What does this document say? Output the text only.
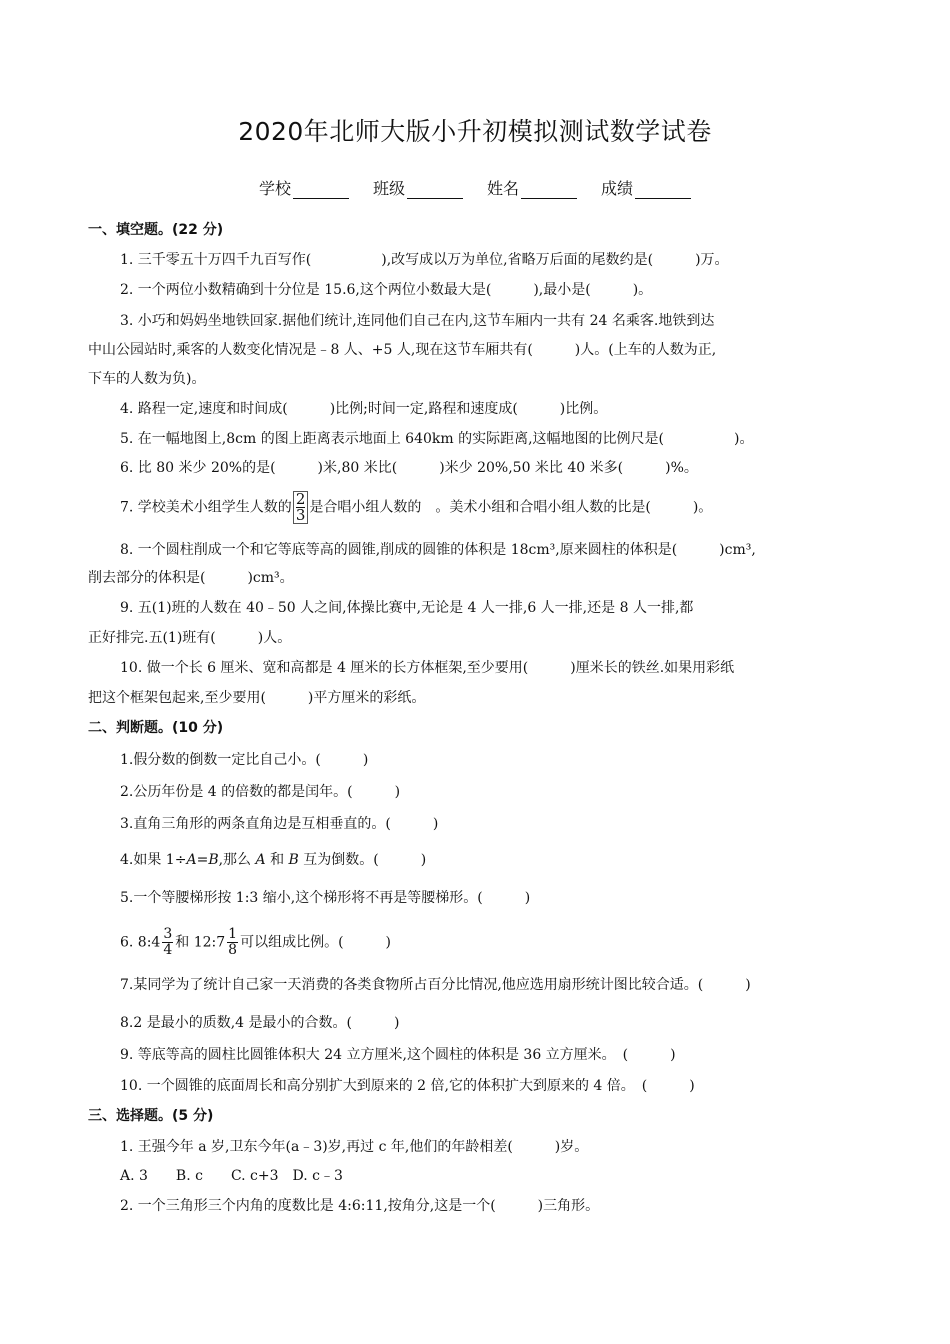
2020年北师大版小升初模拟测试数学试卷
学校	班级	姓名	成绩
一、填空题。(22 分)
1. 三千零五十万四千九百写作(　　　　　),改写成以万为单位,省略万后面的尾数约是(　　　)万。
2. 一个两位小数精确到十分位是 15.6,这个两位小数最大是(　　　),最小是(　　　)。
3. 小巧和妈妈坐地铁回家.据他们统计,连同他们自己在内,这节车厢内一共有 24 名乘客.地铁到达
中山公园站时,乘客的人数变化情况是﹣8 人、+5 人,现在这节车厢共有(　　　)人。(上车的人数为正,
下车的人数为负)。
4. 路程一定,速度和时间成(　　　)比例;时间一定,路程和速度成(　　　)比例。
5. 在一幅地图上,8cm 的图上距离表示地面上 640km 的实际距离,这幅地图的比例尺是(　　　　　)。
6. 比 80 米少 20%的是(　　　)米,80 米比(　　　)米少 20%,50 米比 40 米多(　　　)%。
7. 学校美术小组学生人数的 $\frac{2}{3}$ 是合唱小组人数的　。美术小组和合唱小组人数的比是(　　　)。
8. 一个圆柱削成一个和它等底等高的圆锥,削成的圆锥的体积是 18cm³,原来圆柱的体积是(　　　)cm³,
削去部分的体积是(　　　)cm³。
9. 五(1)班的人数在 40﹣50 人之间,体操比赛中,无论是 4 人一排,6 人一排,还是 8 人一排,都
正好排完.五(1)班有(　　　)人。
10. 做一个长 6 厘米、宽和高都是 4 厘米的长方体框架,至少要用(　　　)厘米长的铁丝.如果用彩纸
把这个框架包起来,至少要用(　　　)平方厘米的彩纸。
二、判断题。(10 分)
1.假分数的倒数一定比自己小。(　　　)
2.公历年份是 4 的倍数的都是闰年。(　　　)
3.直角三角形的两条直角边是互相垂直的。(　　　)
4.如果 1÷A=B,那么 A 和 B 互为倒数。(　　　)
5.一个等腰梯形按 1:3 缩小,这个梯形将不再是等腰梯形。(　　　)
6. 8:4 $\frac{3}{4}$ 和 12:7 $\frac{1}{8}$ 可以组成比例。(　　　)
7.某同学为了统计自己家一天消费的各类食物所占百分比情况,他应选用扇形统计图比较合适。(　　　)
8.2 是最小的质数,4 是最小的合数。(　　　)
9. 等底等高的圆柱比圆锥体积大 24 立方厘米,这个圆柱的体积是 36 立方厘米。　(　　　)
10. 一个圆锥的底面周长和高分别扩大到原来的 2 倍,它的体积扩大到原来的 4 倍。　(　　　)
三、选择题。(5 分)
1. 王强今年 a 岁,卫东今年(a﹣3)岁,再过 c 年,他们的年龄相差(　　　)岁。
A. 3　　B. c　　C. c+3　D. c﹣3
2. 一个三角形三个内角的度数比是 4:6:11,按角分,这是一个(　　　)三角形。
